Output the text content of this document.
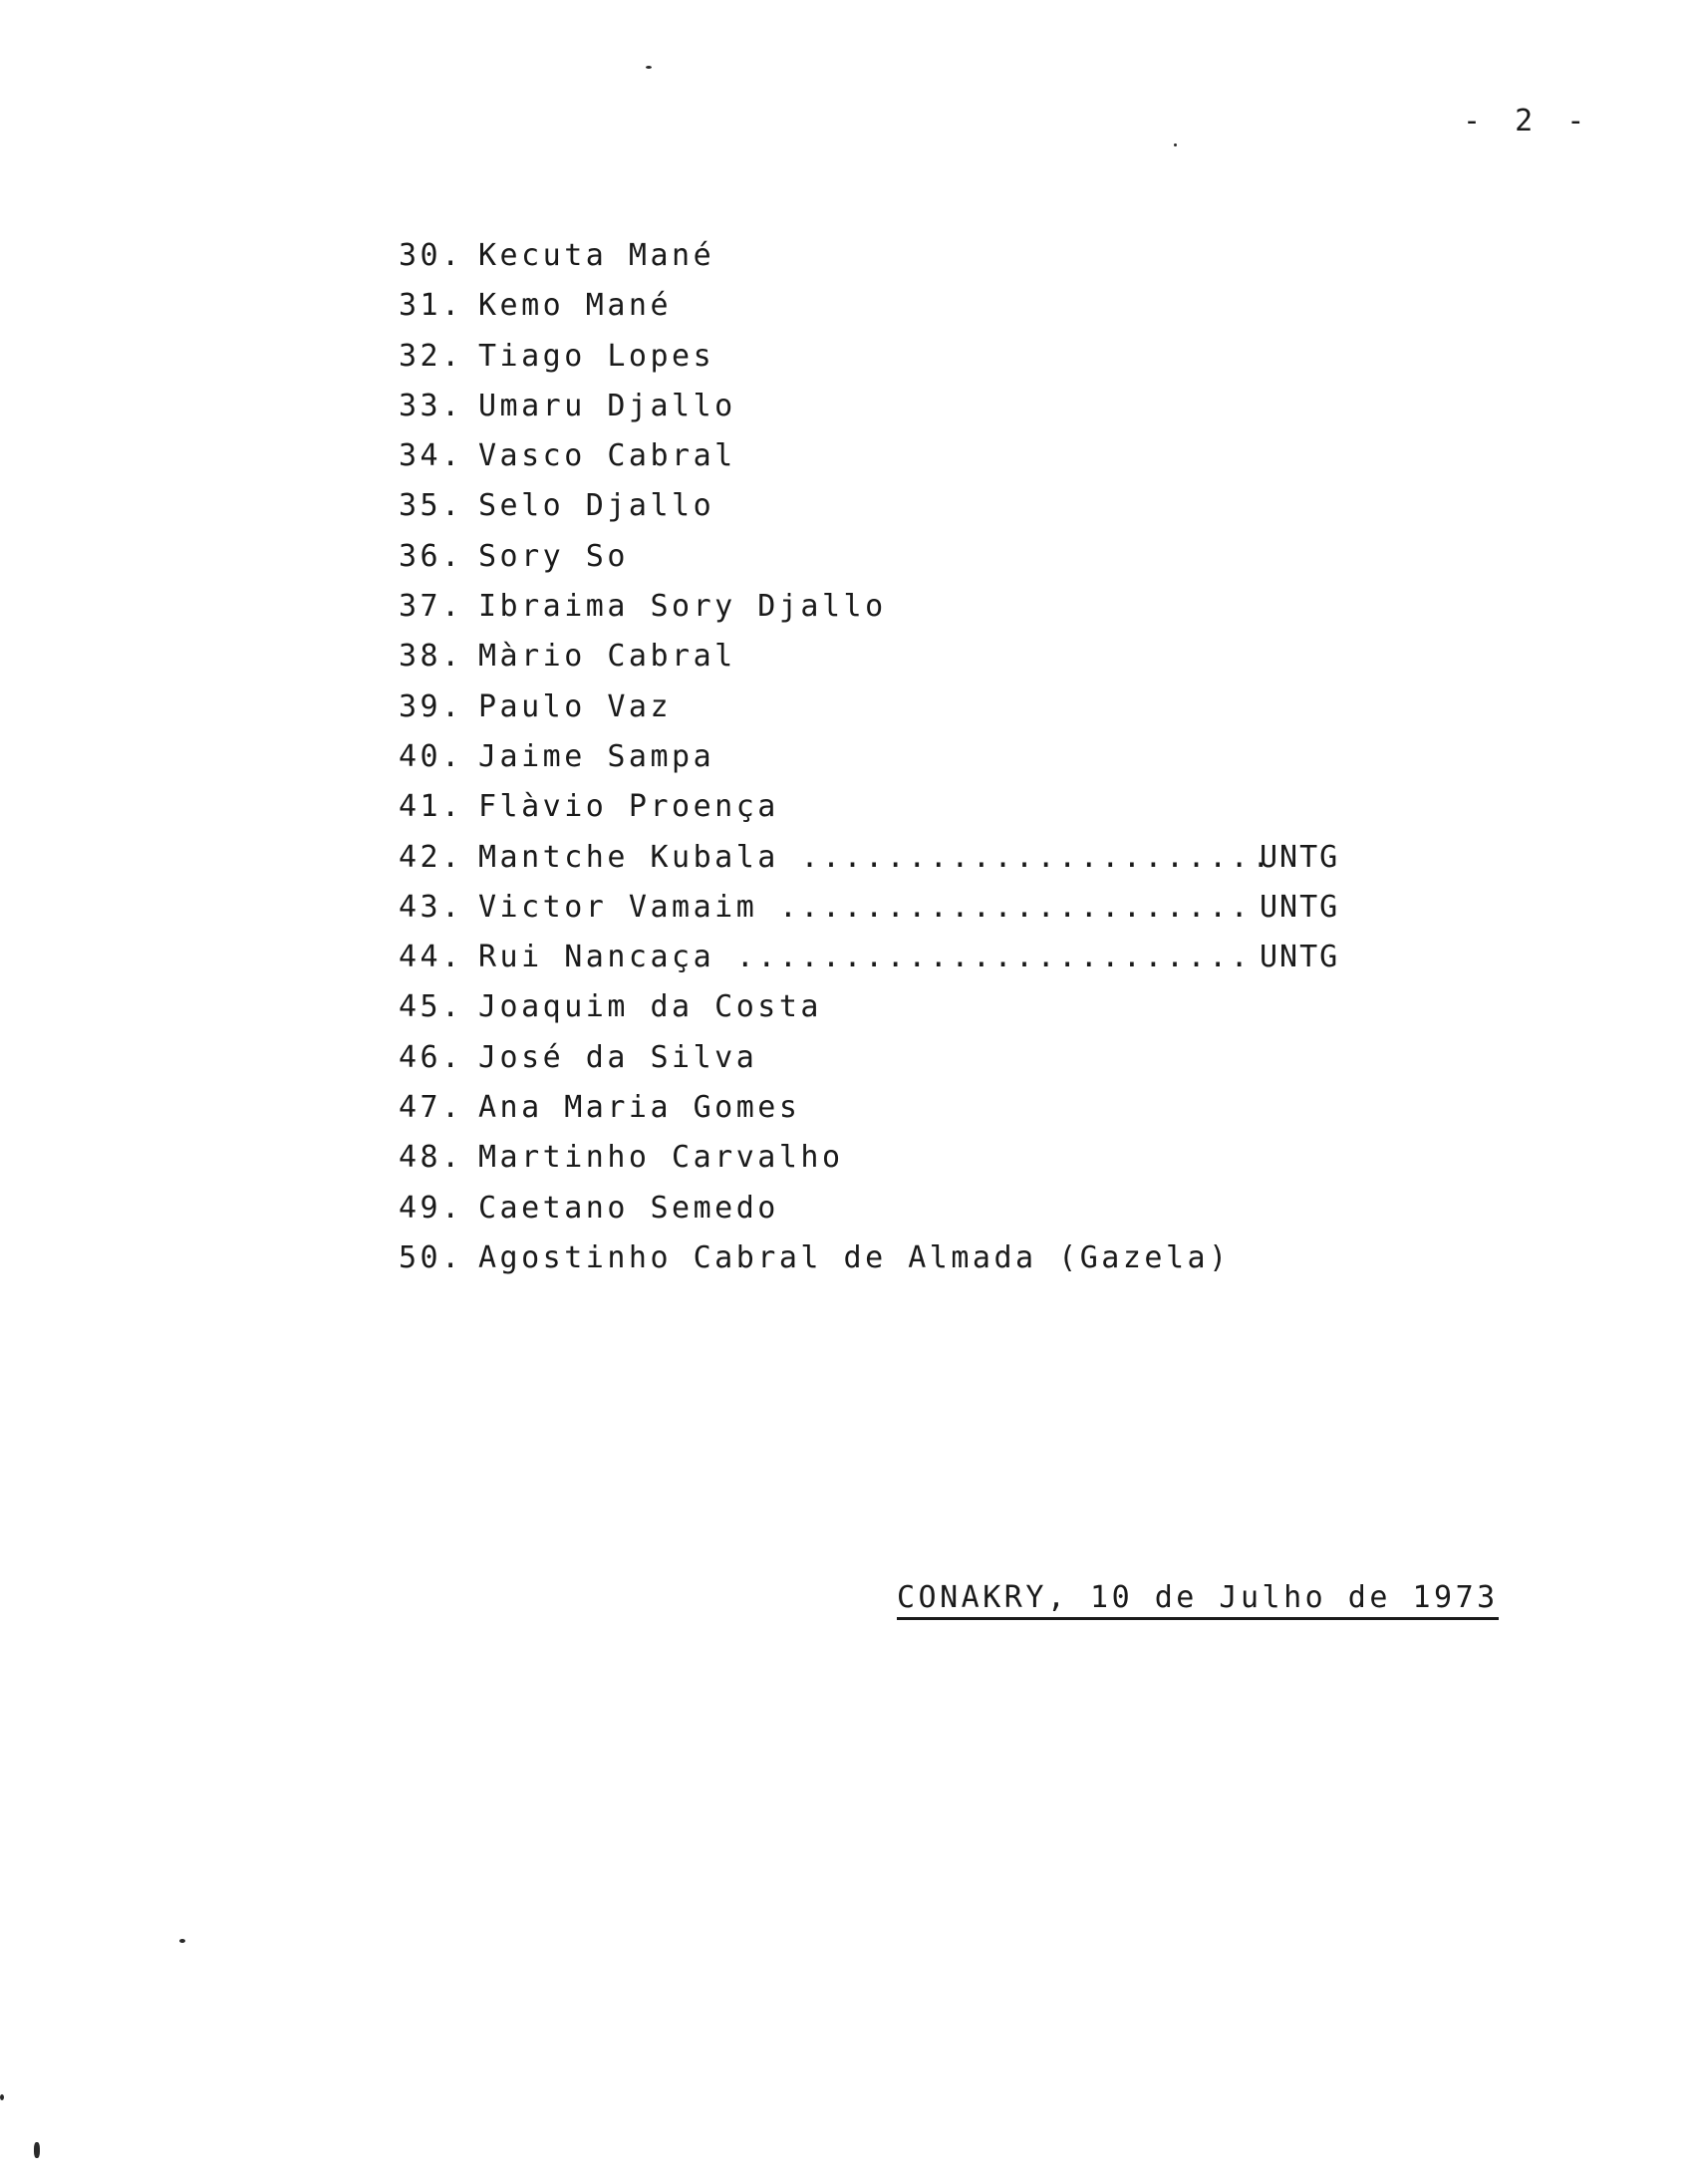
- 2 -
30. Kecuta Mané
31. Kemo Mané
32. Tiago Lopes
33. Umaru Djallo
34. Vasco Cabral
35. Selo Djallo
36. Sory So
37. Ibraima Sory Djallo
38. Màrio Cabral
39. Paulo Vaz
40. Jaime Sampa
41. Flàvio Proença
42. Mantche Kubala ......................
UNTG
43. Victor Vamaim ...................... UNTG
44. Rui Nancaça ........................ UNTG
45. Joaquim da Costa
46. José da Silva
47. Ana Maria Gomes
48. Martinho Carvalho
49. Caetano Semedo
50. Agostinho Cabral de Almada (Gazela)
CONAKRY, 10 de Julho de 1973
